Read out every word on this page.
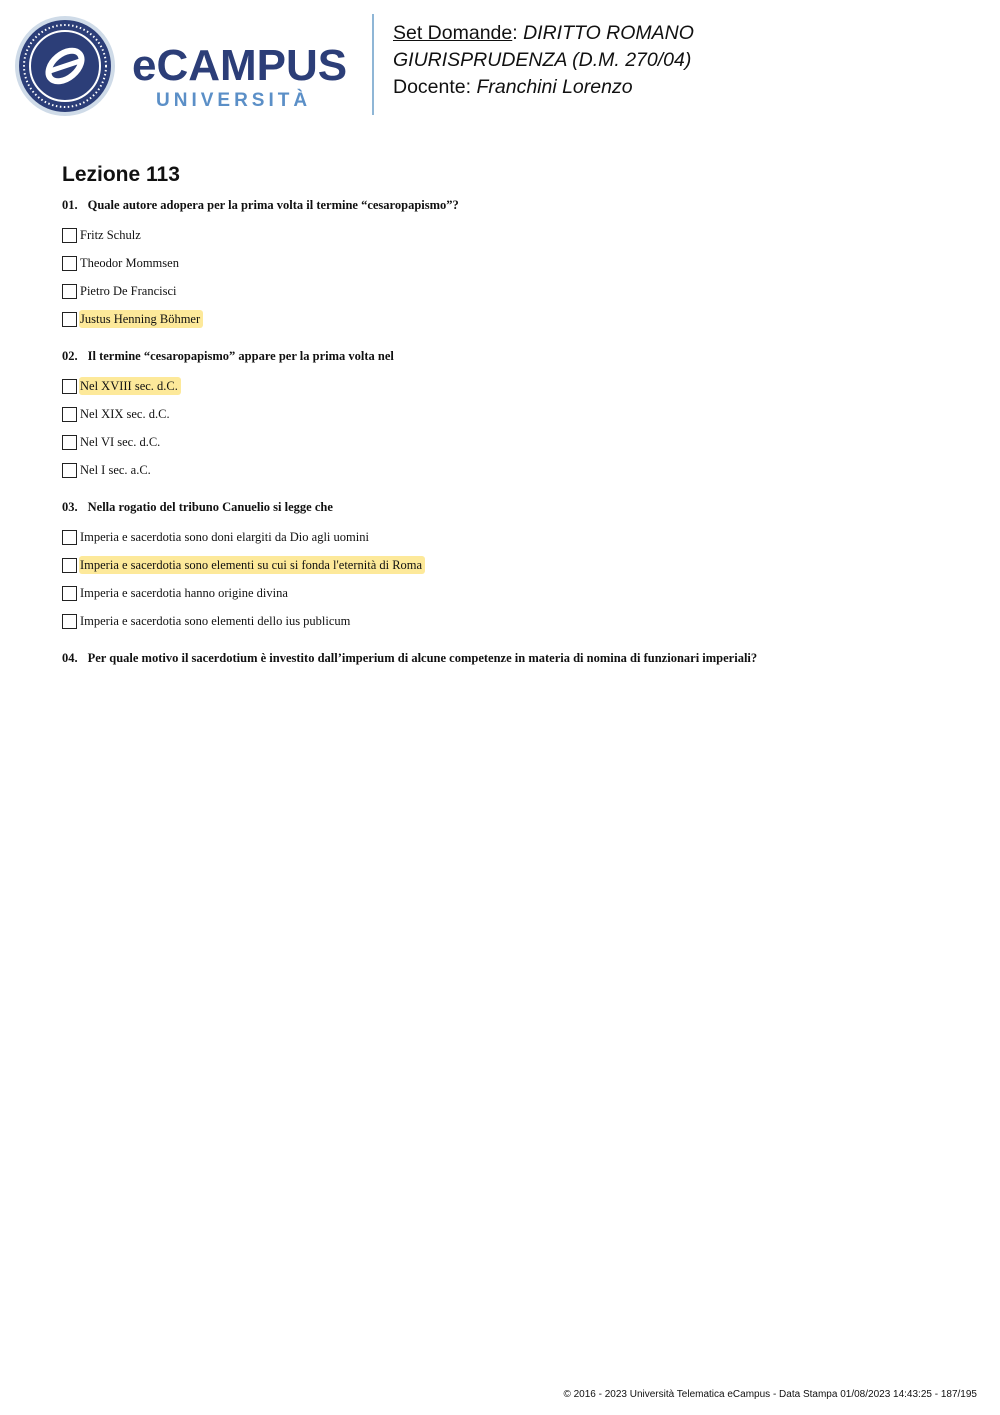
eCAMPUS
UNIVERSITÀ
Set Domande: DIRITTO ROMANO
GIURISPRUDENZA (D.M. 270/04)
Docente: Franchini Lorenzo
Lezione 113

01. Quale autore adopera per la prima volta il termine “cesaropapismo”?

Fritz Schulz
Theodor Mommsen
Pietro De Francisci
Justus Henning Böhmer

02. Il termine “cesaropapismo” appare per la prima volta nel

Nel XVIII sec. d.C.
Nel XIX sec. d.C.
Nel VI sec. d.C.
Nel I sec. a.C.

03. Nella rogatio del tribuno Canuelio si legge che

Imperia e sacerdotia sono doni elargiti da Dio agli uomini
Imperia e sacerdotia sono elementi su cui si fonda l'eternità di Roma
Imperia e sacerdotia hanno origine divina
Imperia e sacerdotia sono elementi dello ius publicum

04. Per quale motivo il sacerdotium è investito dall’imperium di alcune competenze in materia di nomina di funzionari imperiali?

© 2016 - 2023 Università Telematica eCampus - Data Stampa 01/08/2023 14:43:25 - 187/195
